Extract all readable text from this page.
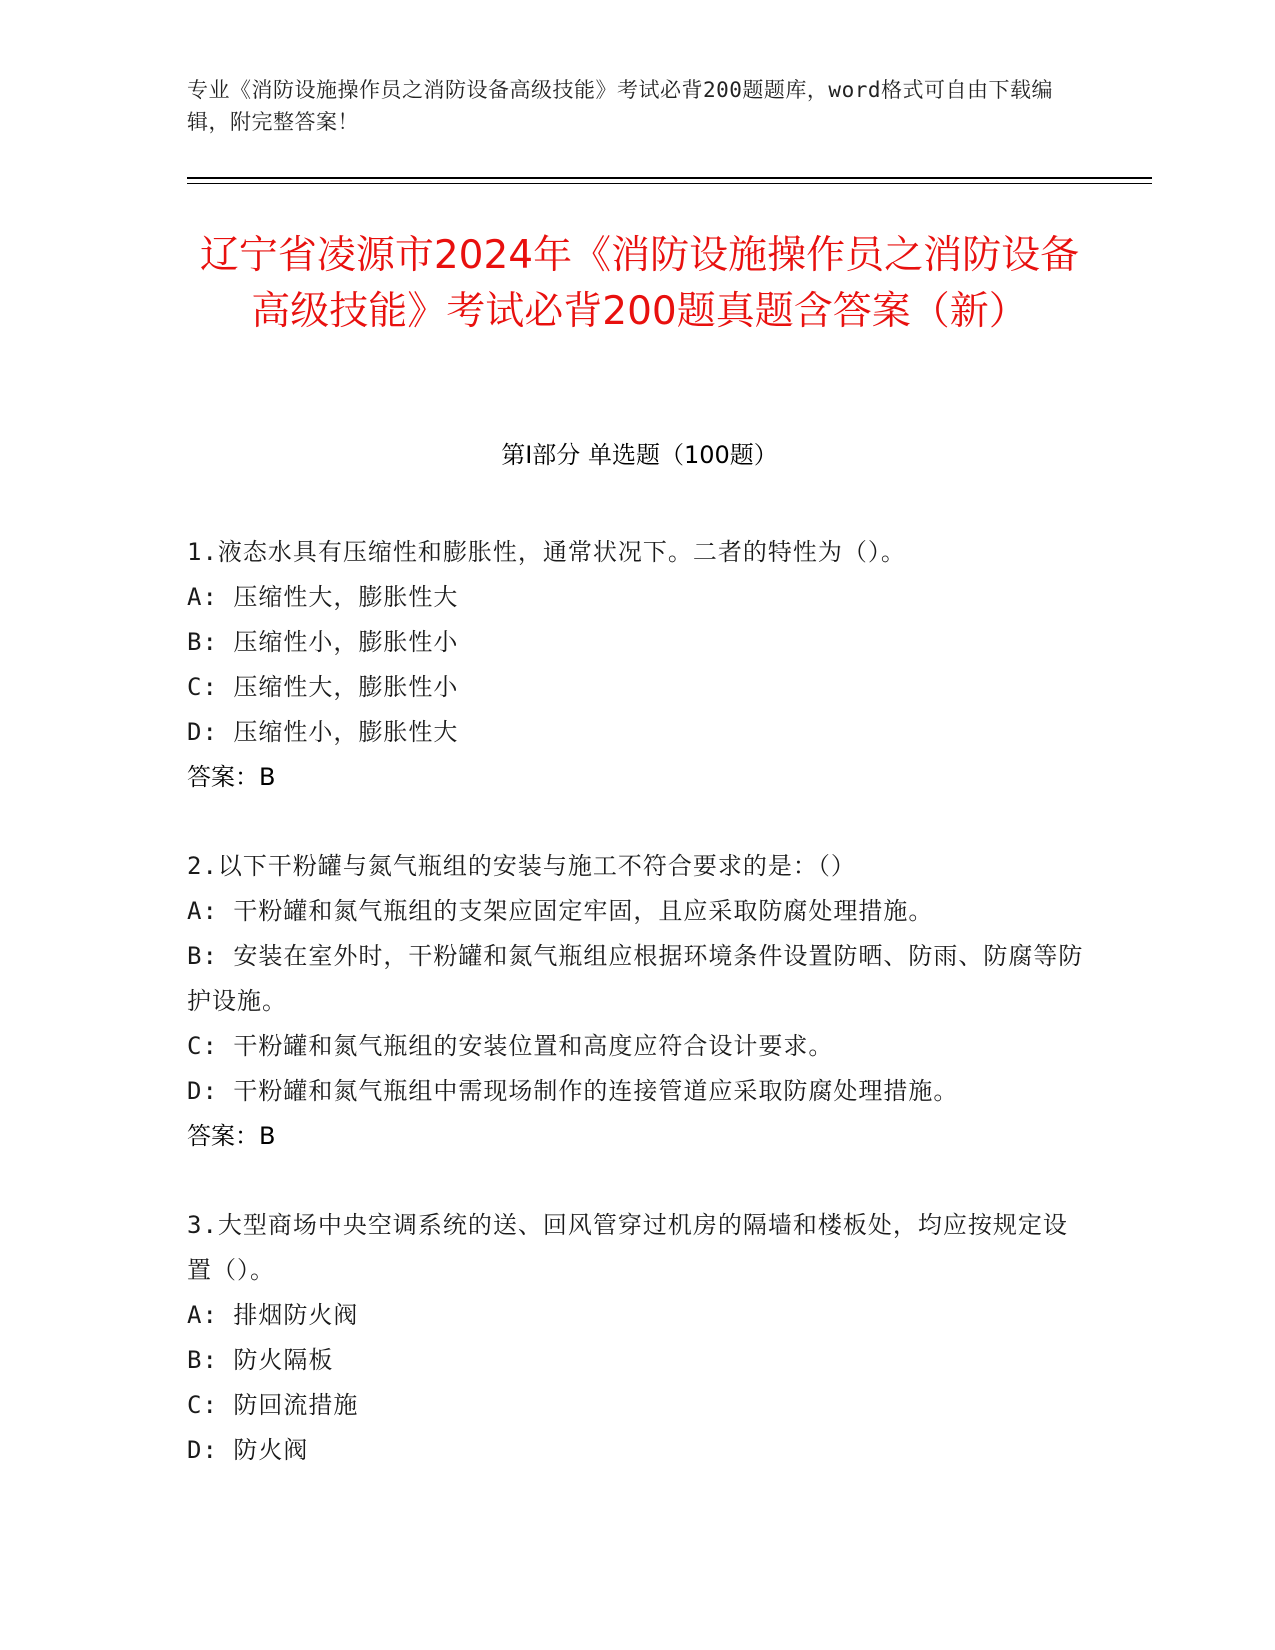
专业《消防设施操作员之消防设备高级技能》考试必背200题题库，word格式可自由下载编辑，附完整答案！
辽宁省凌源市2024年《消防设施操作员之消防设备高级技能》考试必背200题真题含答案（新）
第I部分 单选题（100题）
1.液态水具有压缩性和膨胀性，通常状况下。二者的特性为（）。
A: 压缩性大，膨胀性大
B: 压缩性小，膨胀性小
C: 压缩性大，膨胀性小
D: 压缩性小，膨胀性大
答案：B
2.以下干粉罐与氮气瓶组的安装与施工不符合要求的是：（）
A: 干粉罐和氮气瓶组的支架应固定牢固，且应采取防腐处理措施。
B: 安装在室外时，干粉罐和氮气瓶组应根据环境条件设置防晒、防雨、防腐等防护设施。
C: 干粉罐和氮气瓶组的安装位置和高度应符合设计要求。
D: 干粉罐和氮气瓶组中需现场制作的连接管道应采取防腐处理措施。
答案：B
3.大型商场中央空调系统的送、回风管穿过机房的隔墙和楼板处，均应按规定设置（）。
A: 排烟防火阀
B: 防火隔板
C: 防回流措施
D: 防火阀
